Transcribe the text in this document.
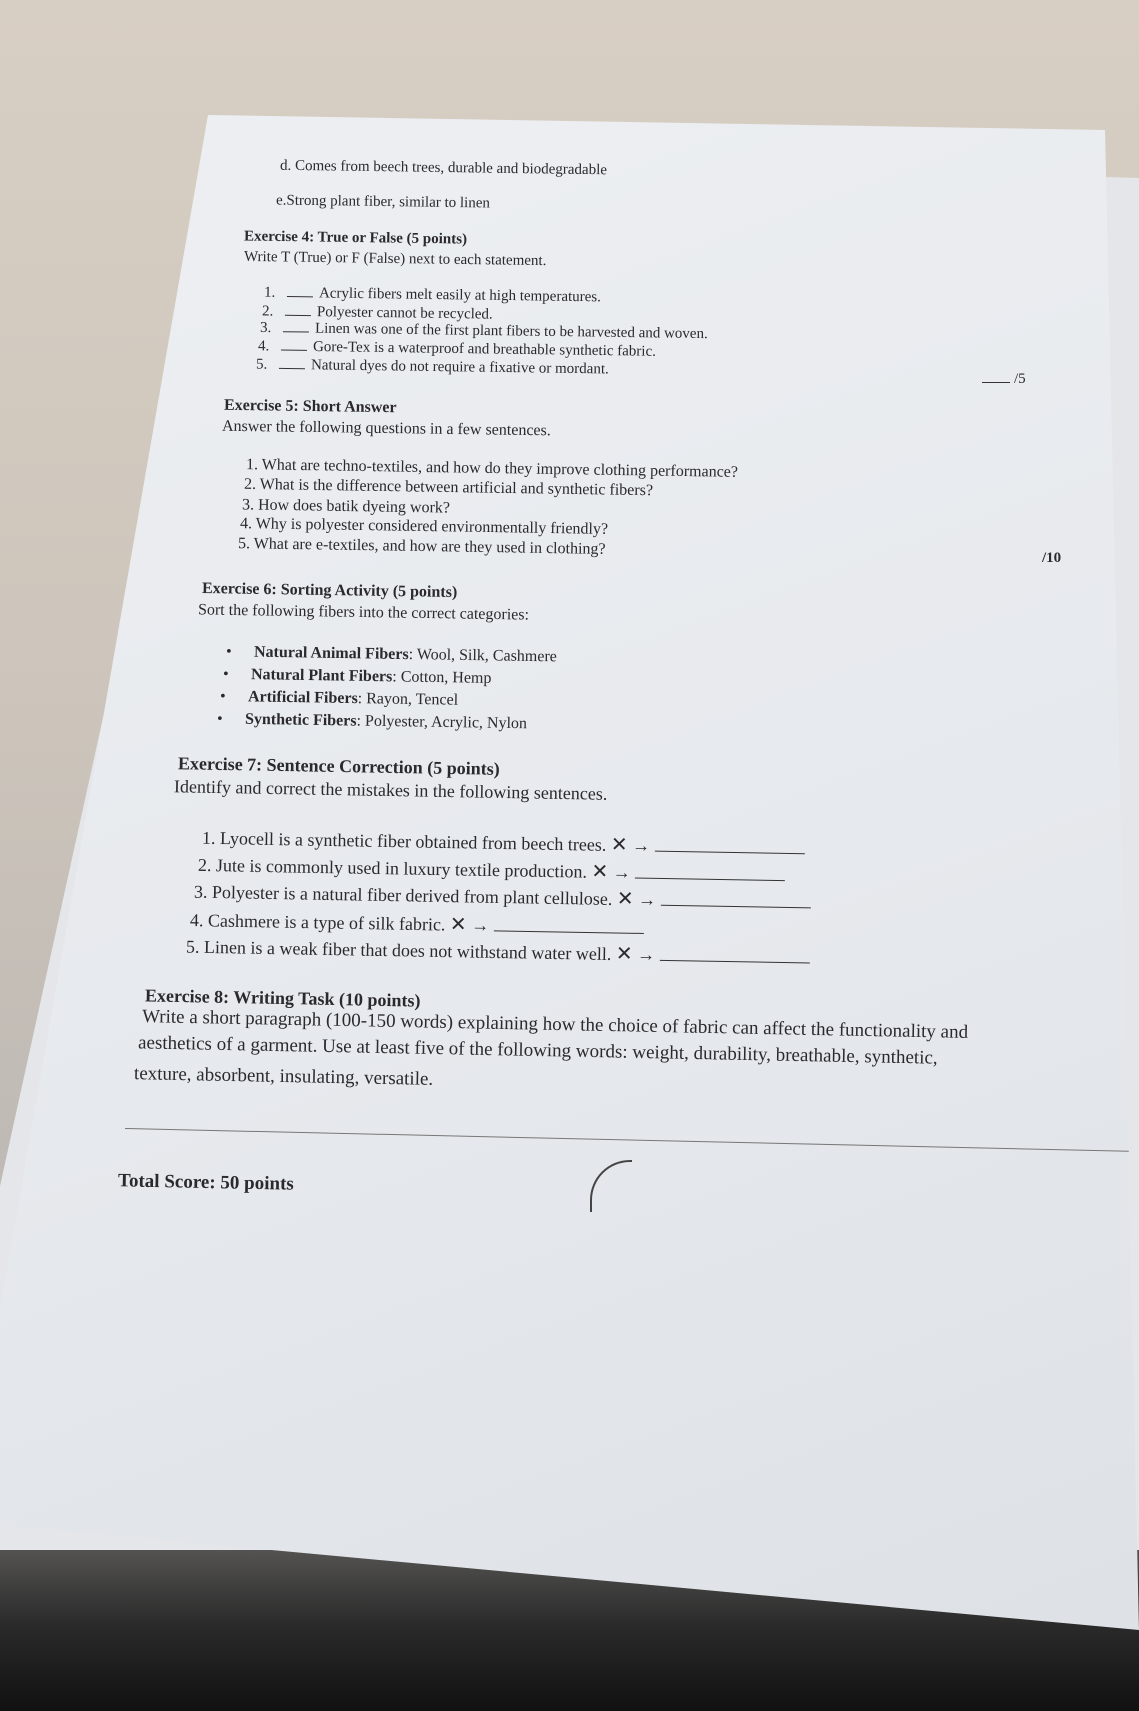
d. Comes from beech trees, durable and biodegradable
e.Strong plant fiber, similar to linen
Exercise 4: True or False (5 points)
Write T (True) or F (False) next to each statement.
1.	Acrylic fibers melt easily at high temperatures.
2.	Polyester cannot be recycled.
3.	Linen was one of the first plant fibers to be harvested and woven.
4.	Gore-Tex is a waterproof and breathable synthetic fabric.
5.	Natural dyes do not require a fixative or mordant.
/5
Exercise 5: Short Answer
Answer the following questions in a few sentences.
1. What are techno-textiles, and how do they improve clothing performance?
2. What is the difference between artificial and synthetic fibers?
3. How does batik dyeing work?
4. Why is polyester considered environmentally friendly?
5. What are e-textiles, and how are they used in clothing?
/10
Exercise 6: Sorting Activity (5 points)
Sort the following fibers into the correct categories:
• Natural Animal Fibers: Wool, Silk, Cashmere
• Natural Plant Fibers: Cotton, Hemp
• Artificial Fibers: Rayon, Tencel
• Synthetic Fibers: Polyester, Acrylic, Nylon
Exercise 7: Sentence Correction (5 points)
Identify and correct the mistakes in the following sentences.
1. Lyocell is a synthetic fiber obtained from beech trees. ✕ →
2. Jute is commonly used in luxury textile production. ✕ →
3. Polyester is a natural fiber derived from plant cellulose. ✕ →
4. Cashmere is a type of silk fabric. ✕ →
5. Linen is a weak fiber that does not withstand water well. ✕ →
Exercise 8: Writing Task (10 points)
Write a short paragraph (100-150 words) explaining how the choice of fabric can affect the functionality and
aesthetics of a garment. Use at least five of the following words: weight, durability, breathable, synthetic,
texture, absorbent, insulating, versatile.
Total Score: 50 points
